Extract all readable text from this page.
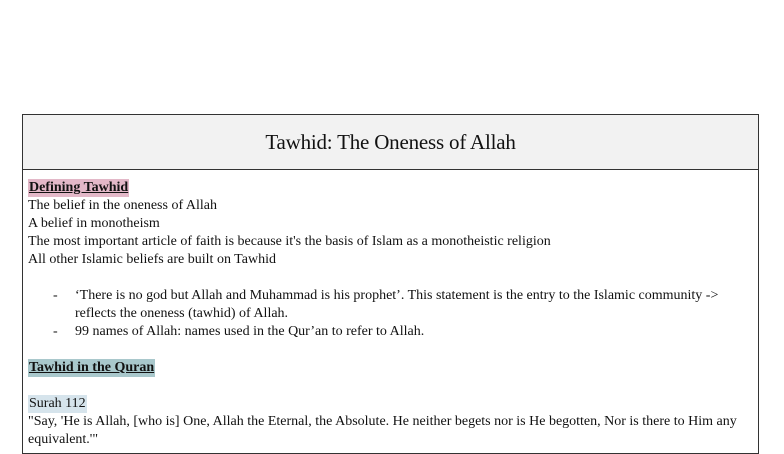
Tawhid: The Oneness of Allah

Defining Tawhid

The belief in the oneness of Allah

A belief in monotheism

The most important article of faith is because it's the basis of Islam as a monotheistic religion

All other Islamic beliefs are built on Tawhid

- ‘There is no god but Allah and Muhammad is his prophet’. This statement is the entry to the Islamic community -> reflects the oneness (tawhid) of Allah.
- 99 names of Allah: names used in the Qur’an to refer to Allah.

Tawhid in the Quran

Surah 112

"Say, 'He is Allah, [who is] One, Allah the Eternal, the Absolute. He neither begets nor is He begotten, Nor is there to Him any equivalent.'"
